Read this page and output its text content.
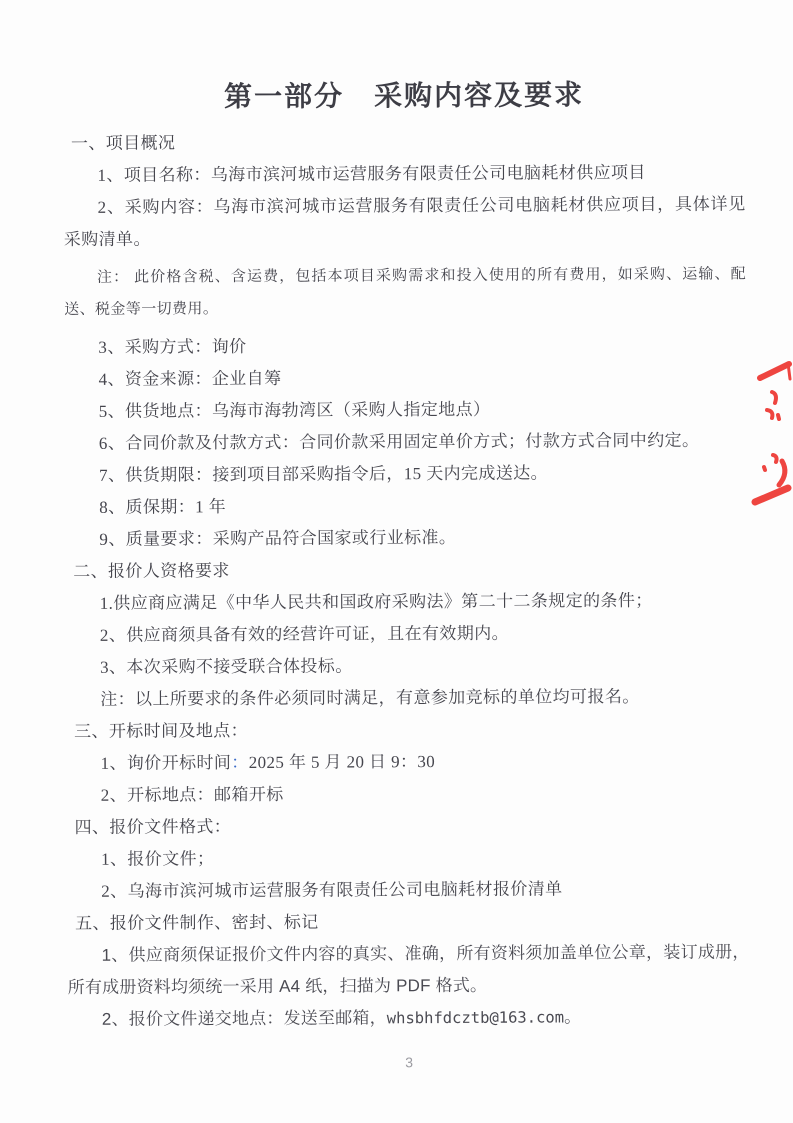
第一部分　采购内容及要求

一、项目概况

1、项目名称：乌海市滨河城市运营服务有限责任公司电脑耗材供应项目

2、采购内容：乌海市滨河城市运营服务有限责任公司电脑耗材供应项目，具体详见采购清单。

注： 此价格含税、含运费，包括本项目采购需求和投入使用的所有费用，如采购、运输、配送、税金等一切费用。

3、采购方式：询价

4、资金来源：企业自筹

5、供货地点：乌海市海勃湾区（采购人指定地点）

6、合同价款及付款方式：合同价款采用固定单价方式；付款方式合同中约定。

7、供货期限：接到项目部采购指令后，15 天内完成送达。

8、质保期：1 年

9、质量要求：采购产品符合国家或行业标准。

二、报价人资格要求

1.供应商应满足《中华人民共和国政府采购法》第二十二条规定的条件；

2、供应商须具备有效的经营许可证，且在有效期内。

3、本次采购不接受联合体投标。

注：以上所要求的条件必须同时满足，有意参加竞标的单位均可报名。

三、开标时间及地点：

1、询价开标时间：2025 年 5 月 20 日 9：30

2、开标地点：邮箱开标

四、报价文件格式：

1、报价文件；

2、乌海市滨河城市运营服务有限责任公司电脑耗材报价清单

五、报价文件制作、密封、标记

1、供应商须保证报价文件内容的真实、准确，所有资料须加盖单位公章，装订成册，所有成册资料均须统一采用 A4 纸，扫描为 PDF 格式。

2、报价文件递交地点：发送至邮箱，whsbhfdcztb@163.com。

3
